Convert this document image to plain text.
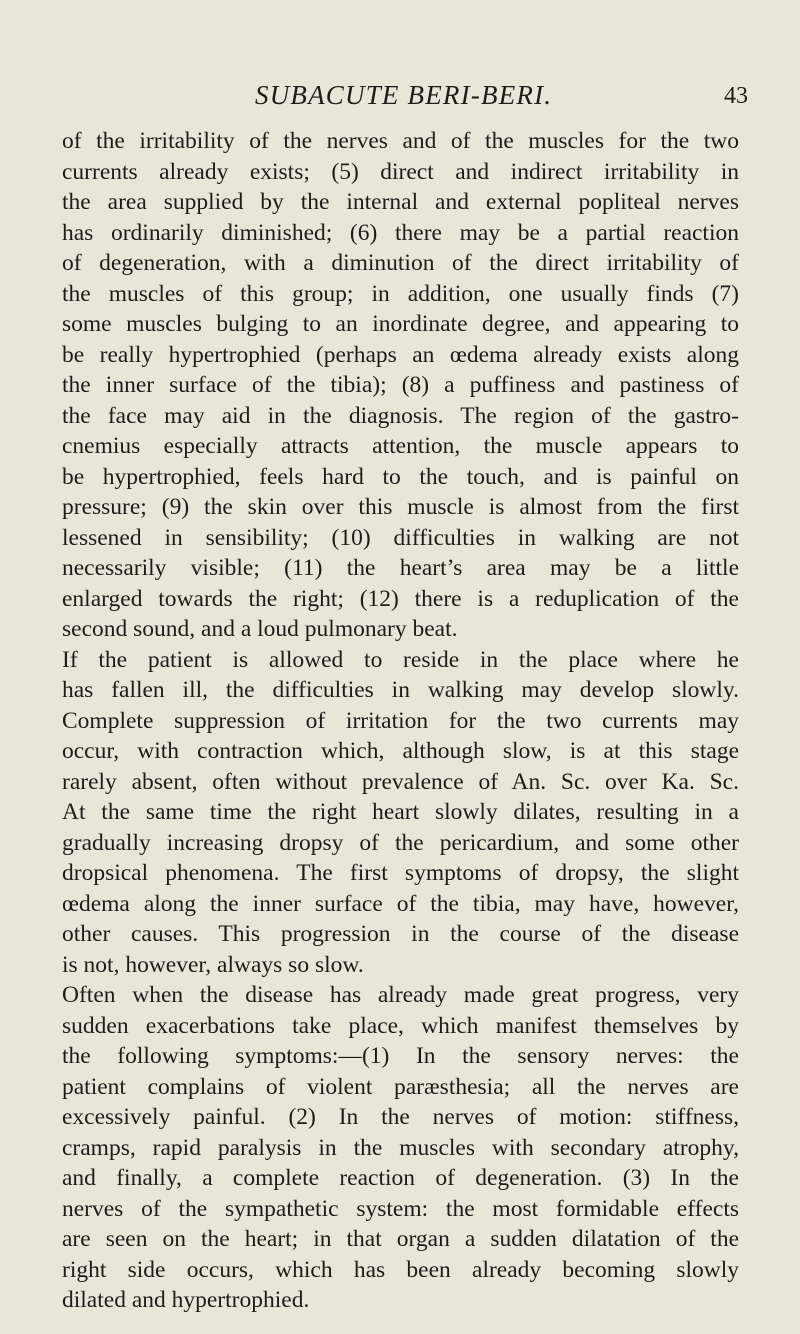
SUBACUTE BERI-BERI.	43
of the irritability of the nerves and of the muscles for the two
currents already exists; (5) direct and indirect irritability in
the area supplied by the internal and external popliteal nerves
has ordinarily diminished; (6) there may be a partial reaction
of degeneration, with a diminution of the direct irritability of
the muscles of this group; in addition, one usually finds (7)
some muscles bulging to an inordinate degree, and appearing to
be really hypertrophied (perhaps an œdema already exists along
the inner surface of the tibia); (8) a puffiness and pastiness of
the face may aid in the diagnosis. The region of the gastro-
cnemius especially attracts attention, the muscle appears to
be hypertrophied, feels hard to the touch, and is painful on
pressure; (9) the skin over this muscle is almost from the first
lessened in sensibility; (10) difficulties in walking are not
necessarily visible; (11) the heart’s area may be a little
enlarged towards the right; (12) there is a reduplication of the
second sound, and a loud pulmonary beat.
If the patient is allowed to reside in the place where he
has fallen ill, the difficulties in walking may develop slowly.
Complete suppression of irritation for the two currents may
occur, with contraction which, although slow, is at this stage
rarely absent, often without prevalence of An. Sc. over Ka. Sc.
At the same time the right heart slowly dilates, resulting in a
gradually increasing dropsy of the pericardium, and some other
dropsical phenomena. The first symptoms of dropsy, the slight
œdema along the inner surface of the tibia, may have, however,
other causes. This progression in the course of the disease
is not, however, always so slow.
Often when the disease has already made great progress, very
sudden exacerbations take place, which manifest themselves by
the following symptoms:—(1) In the sensory nerves: the
patient complains of violent paræsthesia; all the nerves are
excessively painful. (2) In the nerves of motion: stiffness,
cramps, rapid paralysis in the muscles with secondary atrophy,
and finally, a complete reaction of degeneration. (3) In the
nerves of the sympathetic system: the most formidable effects
are seen on the heart; in that organ a sudden dilatation of the
right side occurs, which has been already becoming slowly
dilated and hypertrophied.
